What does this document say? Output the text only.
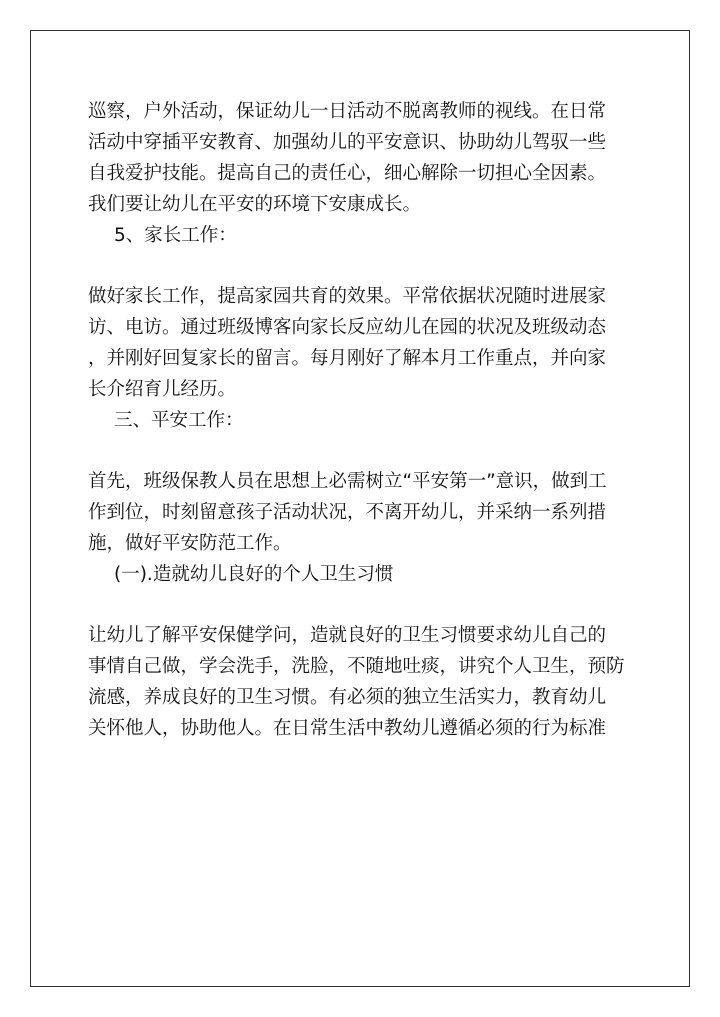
巡察，户外活动，保证幼儿一日活动不脱离教师的视线。在日常
活动中穿插平安教育、加强幼儿的平安意识、协助幼儿驾驭一些
自我爱护技能。提高自己的责任心，细心解除一切担心全因素。
我们要让幼儿在平安的环境下安康成长。
5、家长工作：
做好家长工作，提高家园共育的效果。平常依据状况随时进展家
访、电访。通过班级博客向家长反应幼儿在园的状况及班级动态
，并刚好回复家长的留言。每月刚好了解本月工作重点，并向家
长介绍育儿经历。
三、平安工作：
首先，班级保教人员在思想上必需树立“平安第一”意识，做到工
作到位，时刻留意孩子活动状况，不离开幼儿，并采纳一系列措
施，做好平安防范工作。
(一).造就幼儿良好的个人卫生习惯
让幼儿了解平安保健学问，造就良好的卫生习惯要求幼儿自己的
事情自己做，学会洗手，洗脸，不随地吐痰，讲究个人卫生，预防
流感，养成良好的卫生习惯。有必须的独立生活实力，教育幼儿
关怀他人，协助他人。在日常生活中教幼儿遵循必须的行为标准
